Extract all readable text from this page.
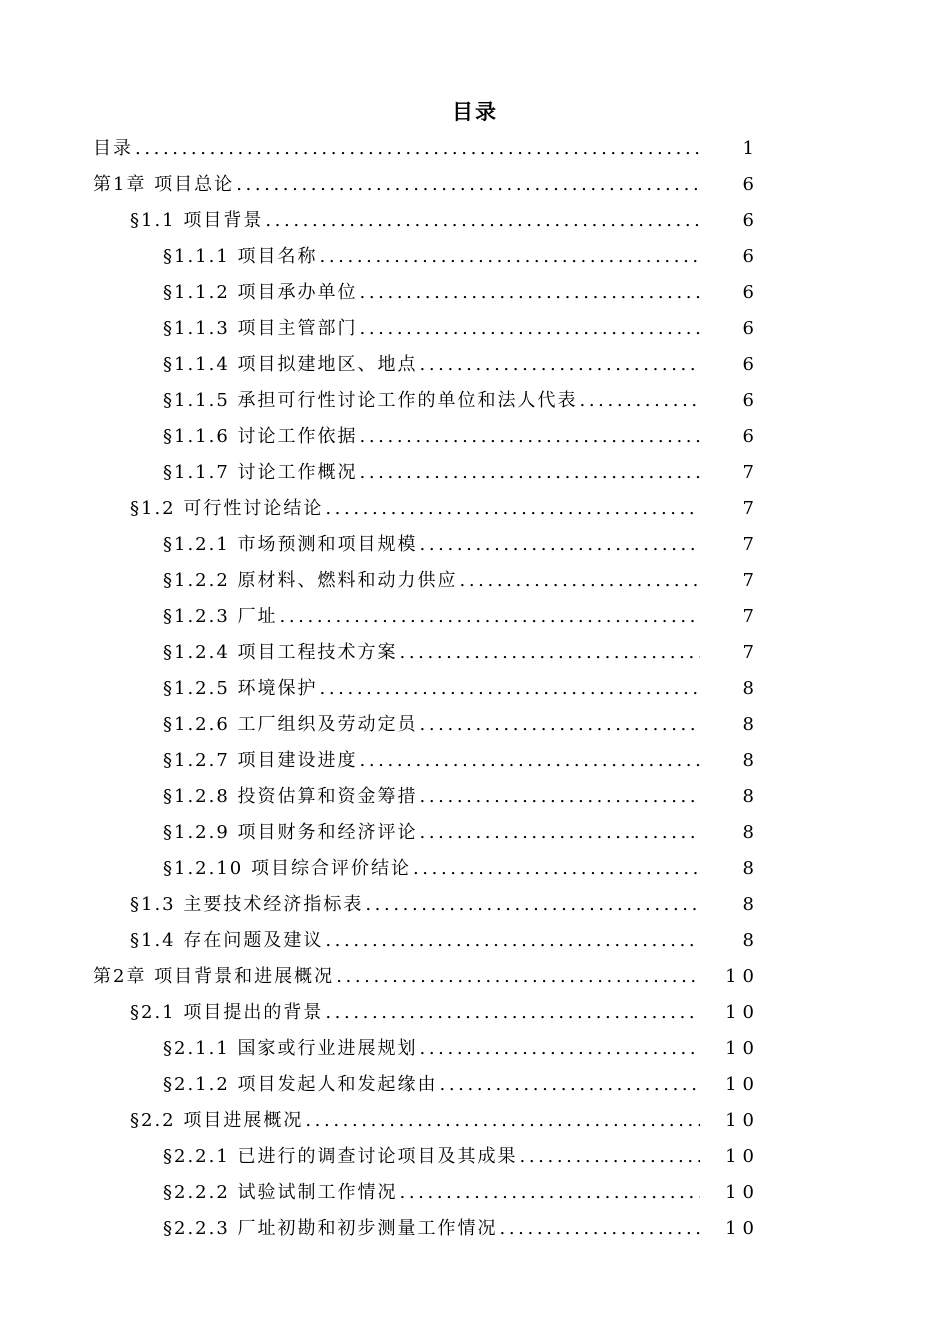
目录
目录 .....	1
第1章 项目总论 .....	6
§1.1 项目背景 .....	6
§1.1.1 项目名称 .....	6
§1.1.2 项目承办单位 .....	6
§1.1.3 项目主管部门 .....	6
§1.1.4 项目拟建地区、地点 .....	6
§1.1.5 承担可行性讨论工作的单位和法人代表 .....	6
§1.1.6 讨论工作依据 .....	6
§1.1.7 讨论工作概况 .....	7
§1.2 可行性讨论结论 .....	7
§1.2.1 市场预测和项目规模 .....	7
§1.2.2 原材料、燃料和动力供应 .....	7
§1.2.3 厂址 .....	7
§1.2.4 项目工程技术方案 .....	7
§1.2.5 环境保护 .....	8
§1.2.6 工厂组织及劳动定员 .....	8
§1.2.7 项目建设进度 .....	8
§1.2.8 投资估算和资金筹措 .....	8
§1.2.9 项目财务和经济评论 .....	8
§1.2.10 项目综合评价结论 .....	8
§1.3 主要技术经济指标表 .....	8
§1.4 存在问题及建议 .....	8
第2章 项目背景和进展概况 .....	10
§2.1 项目提出的背景 .....	10
§2.1.1 国家或行业进展规划 .....	10
§2.1.2 项目发起人和发起缘由 .....	10
§2.2 项目进展概况 .....	10
§2.2.1 已进行的调查讨论项目及其成果 .....	10
§2.2.2 试验试制工作情况 .....	10
§2.2.3 厂址初勘和初步测量工作情况 .....	10
